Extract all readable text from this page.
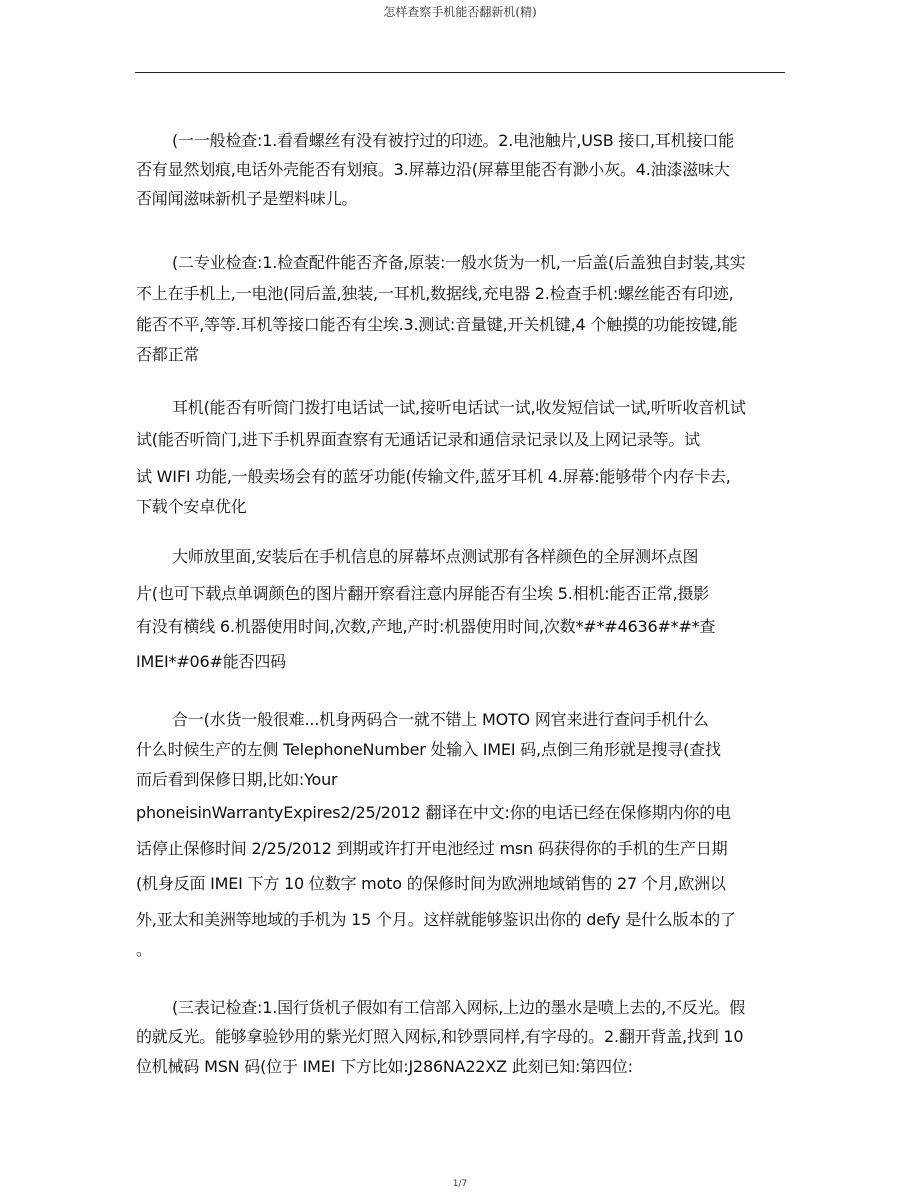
怎样查察手机能否翻新机(精)
(一一般检查:1.看看螺丝有没有被拧过的印迹。2.电池触片,USB 接口,耳机接口能
否有显然划痕,电话外壳能否有划痕。3.屏幕边沿(屏幕里能否有渺小灰。4.油漆滋味大
否闻闻滋味新机子是塑料味儿。
(二专业检查:1.检查配件能否齐备,原装:一般水货为一机,一后盖(后盖独自封装,其实
不上在手机上,一电池(同后盖,独装,一耳机,数据线,充电器 2.检查手机:螺丝能否有印迹,
能否不平,等等.耳机等接口能否有尘埃.3.测试:音量键,开关机键,4 个触摸的功能按键,能
否都正常
耳机(能否有听筒门拨打电话试一试,接听电话试一试,收发短信试一试,听听收音机试
试(能否听筒门,进下手机界面查察有无通话记录和通信录记录以及上网记录等。试
试 WIFI 功能,一般卖场会有的蓝牙功能(传输文件,蓝牙耳机 4.屏幕:能够带个内存卡去,
下载个安卓优化
大师放里面,安装后在手机信息的屏幕坏点测试那有各样颜色的全屏测坏点图
片(也可下载点单调颜色的图片翻开察看注意内屏能否有尘埃 5.相机:能否正常,摄影
有没有横线 6.机器使用时间,次数,产地,产时:机器使用时间,次数*#*#4636#*#*查
IMEI*#06#能否四码
合一(水货一般很难...机身两码合一就不错上 MOTO 网官来进行查问手机什么
什么时候生产的左侧 TelephoneNumber 处输入 IMEI 码,点倒三角形就是搜寻(查找
而后看到保修日期,比如:Your
phoneisinWarrantyExpires2/25/2012 翻译在中文:你的电话已经在保修期内你的电
话停止保修时间 2/25/2012 到期或许打开电池经过 msn 码获得你的手机的生产日期
(机身反面 IMEI 下方 10 位数字 moto 的保修时间为欧洲地域销售的 27 个月,欧洲以
外,亚太和美洲等地域的手机为 15 个月。这样就能够鉴识出你的 defy 是什么版本的了
。
(三表记检查:1.国行货机子假如有工信部入网标,上边的墨水是喷上去的,不反光。假
的就反光。能够拿验钞用的紫光灯照入网标,和钞票同样,有字母的。2.翻开背盖,找到 10
位机械码 MSN 码(位于 IMEI 下方比如:J286NA22XZ 此刻已知:第四位:
1/7
